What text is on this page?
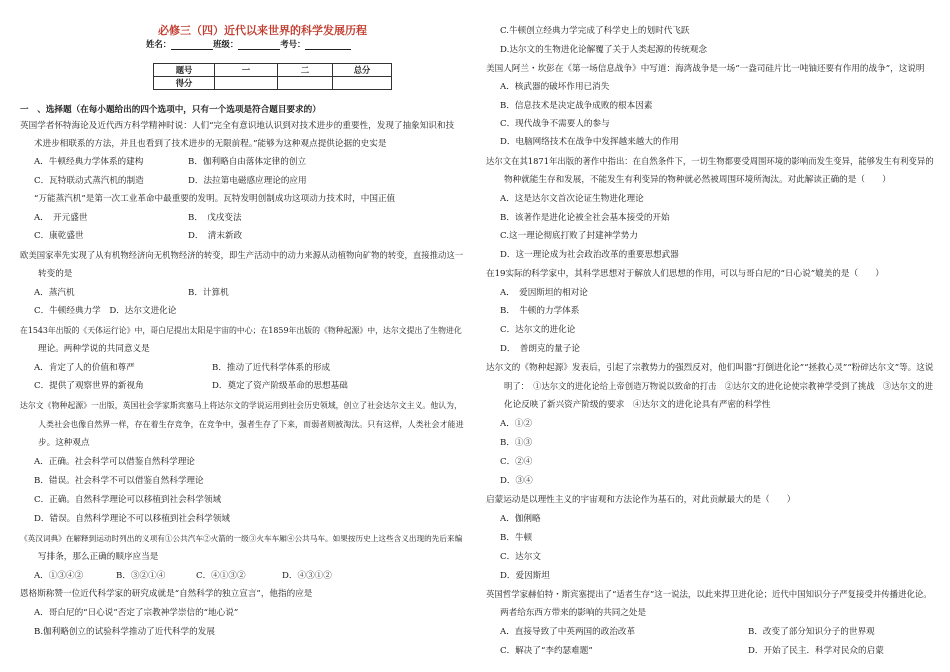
必修三（四）近代以来世界的科学发展历程
姓名：	班级：	考号：
题号	一	二	总分
得分			
一　、选择题（在每小题给出的四个选项中，只有一个选项是符合题目要求的）
英国学者怀特海论及近代西方科学精神时说：人们“完全有意识地认识到对技术进步的重要性，发现了抽象知识和技
术进步相联系的方法，并且也看到了技术进步的无限前程。”能够为这种观点提供论据的史实是
A．牛顿经典力学体系的建构	B．伽利略自由落体定律的创立
C．瓦特联动式蒸汽机的制造	D．法拉第电磁感应理论的应用
“万能蒸汽机”是第一次工业革命中最重要的发明。瓦特发明创制成功这项动力技术时，中国正值
A．　开元盛世	B．　戊戌变法
C．康乾盛世	D．　清末新政
欧美国家率先实现了从有机物经济向无机物经济的转变，即生产活动中的动力来源从动植物向矿物的转变，直接推动这一
转变的是
A．蒸汽机	B．计算机
C．牛顿经典力学　D．达尔文进化论
在1543年出版的《天体运行论》中，哥白尼提出太阳是宇宙的中心；在1859年出版的《物种起源》中，达尔文提出了生物进化
理论。两种学说的共同意义是
A．肯定了人的价值和尊严	B．推动了近代科学体系的形成
C．提供了观察世界的新视角	D．奠定了资产阶级革命的思想基础
达尔文《物种起源》一出版，英国社会学家斯宾塞马上将达尔文的学说运用到社会历史领域，创立了社会达尔文主义。他认为，
人类社会也像自然界一样，存在着生存竞争，在竞争中，强者生存了下来，而弱者则被淘汰。只有这样，人类社会才能进
步。这种观点
A．正确。社会科学可以借鉴自然科学理论
B．错误。社会科学不可以借鉴自然科学理论
C．正确。自然科学理论可以移植到社会科学领域
D．错误。自然科学理论不可以移植到社会科学领域
《英汉词典》在解释到运动时列出的义项有①公共汽车②火箭的一级③火车车厢④公共马车。如果按历史上这些含义出现的先后来编
写排条，那么正确的顺序应当是
A．①③④②	B．③②①④	C．④①③②	D．④③①②
恩格斯称赞一位近代科学家的研究成就是“自然科学的独立宣言”，他指的应是
A．哥白尼的“日心说”否定了宗教神学崇信的“地心说”
B.伽利略创立的试验科学推动了近代科学的发展
C.牛顿创立经典力学完成了科学史上的划时代飞跃
D.达尔文的生物进化论解覆了关于人类起源的传统观念
美国人阿兰・坎彭在《第一场信息战争》中写道：海湾战争是一场“一盎司硅片比一吨铀还要有作用的战争”，这说明
A．核武器的破坏作用已消失
B．信息技术是决定战争成败的根本因素
C．现代战争不需要人的参与
D．电脑网络技术在战争中发挥越来越大的作用
达尔文在其1871年出版的著作中指出：在自然条件下，一切生物都要受周围环境的影响而发生变异，能够发生有利变异的
物种就能生存和发展，不能发生有利变异的物种就必然被周围环境所淘汰。对此解读正确的是（　　）
A．这是达尔文首次论证生物进化理论
B．该著作是进化论被全社会基本接受的开始
C.这一理论彻底打败了封建神学势力
D．这一理论成为社会政治改革的重要思想武器
在19实际的科学家中，其科学思想对于解放人们思想的作用，可以与哥白尼的“日心说”媲美的是（　　）
A．　爱因斯坦的相对论
B．　牛顿的力学体系
C．达尔文的进化论
D．　普朗克的量子论
达尔文的《物种起源》发表后，引起了宗教势力的强烈反对，他们叫嚣“打倒进化论”“拯救心灵”“粉碎达尔文”等。这说
明了：　①达尔文的进化论给上帝创造万物说以致命的打击　②达尔文的进化论使宗教神学受到了挑战　③达尔文的进
化论反映了新兴资产阶级的要求　④达尔文的进化论具有严密的科学性
A．①②
B．①③
C．②④
D．③④
启蒙运动是以理性主义的宇宙观和方法论作为基石的，对此贡献最大的是（　　）
A．伽俐略
B．牛顿
C．达尔文
D．爱因斯坦
英国哲学家赫伯特・斯宾塞提出了“适者生存”这一说法，以此来捍卫进化论；近代中国知识分子严复接受并传播进化论。
两者给东西方带来的影响的共同之处是
A．直接导致了中英两国的政治改革	B．改变了部分知识分子的世界观
C．解决了“李约瑟难题”	D．开始了民主．科学对民众的启蒙
